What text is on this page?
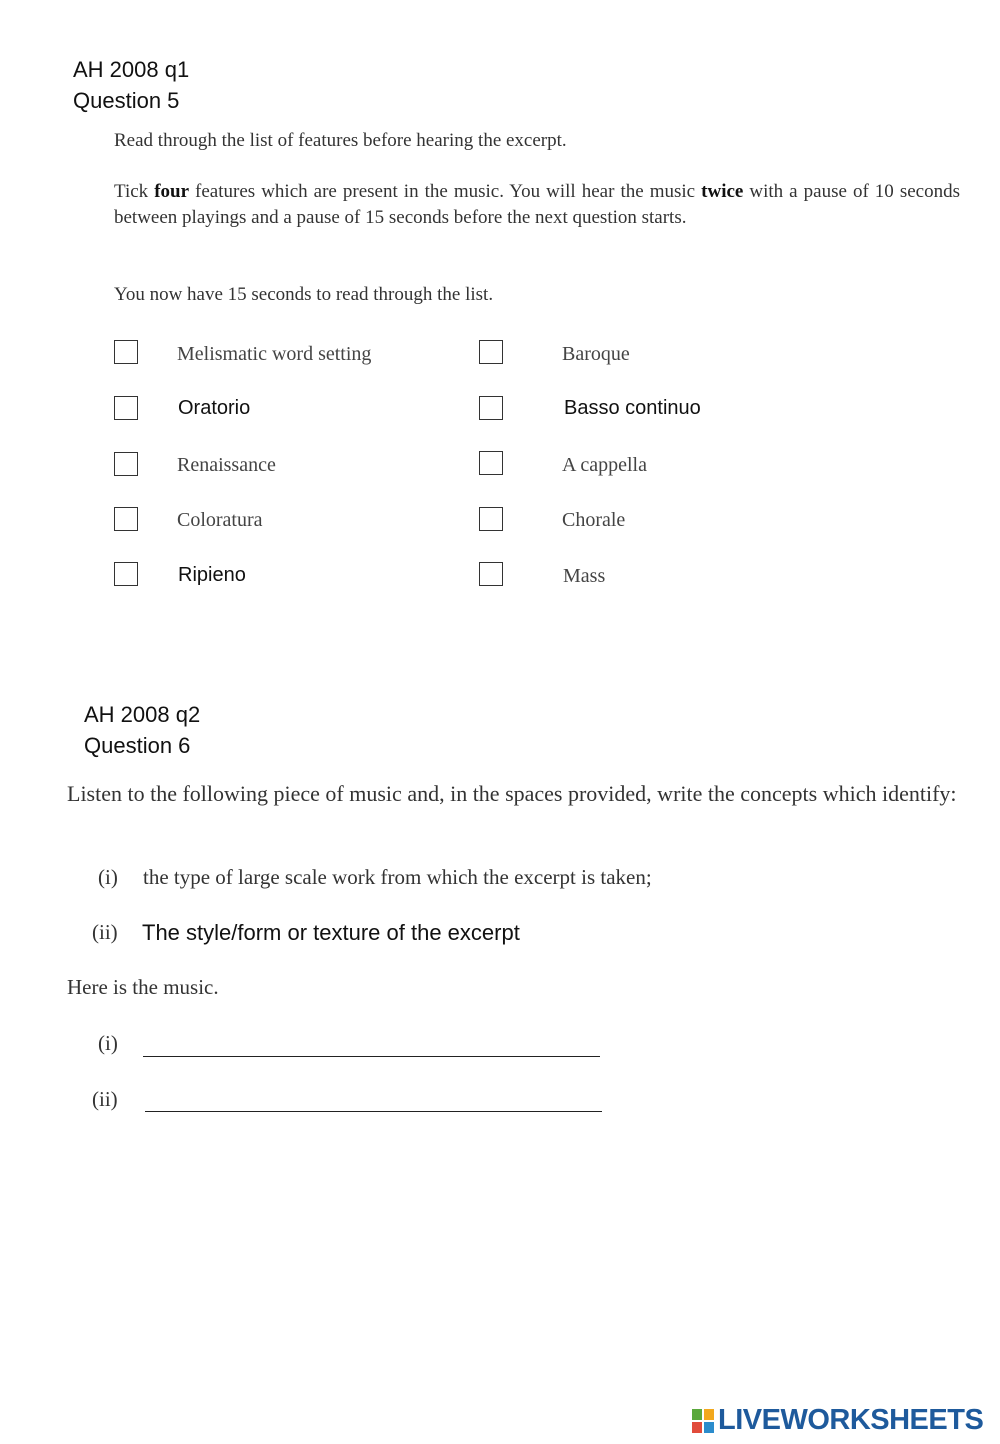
AH 2008 q1
Question 5
Read through the list of features before hearing the excerpt.
Tick four features which are present in the music. You will hear the music twice with a pause of 10 seconds between playings and a pause of 15 seconds before the next question starts.
You now have 15 seconds to read through the list.
Melismatic word setting
Oratorio
Renaissance
Coloratura
Ripieno
Baroque
Basso continuo
A cappella
Chorale
Mass
AH 2008 q2
Question 6
Listen to the following piece of music and, in the spaces provided, write the concepts which identify:
(i) the type of large scale work from which the excerpt is taken;
(ii) The style/form or texture of the excerpt
Here is the music.
(i)
(ii)
LIVEWORKSHEETS
